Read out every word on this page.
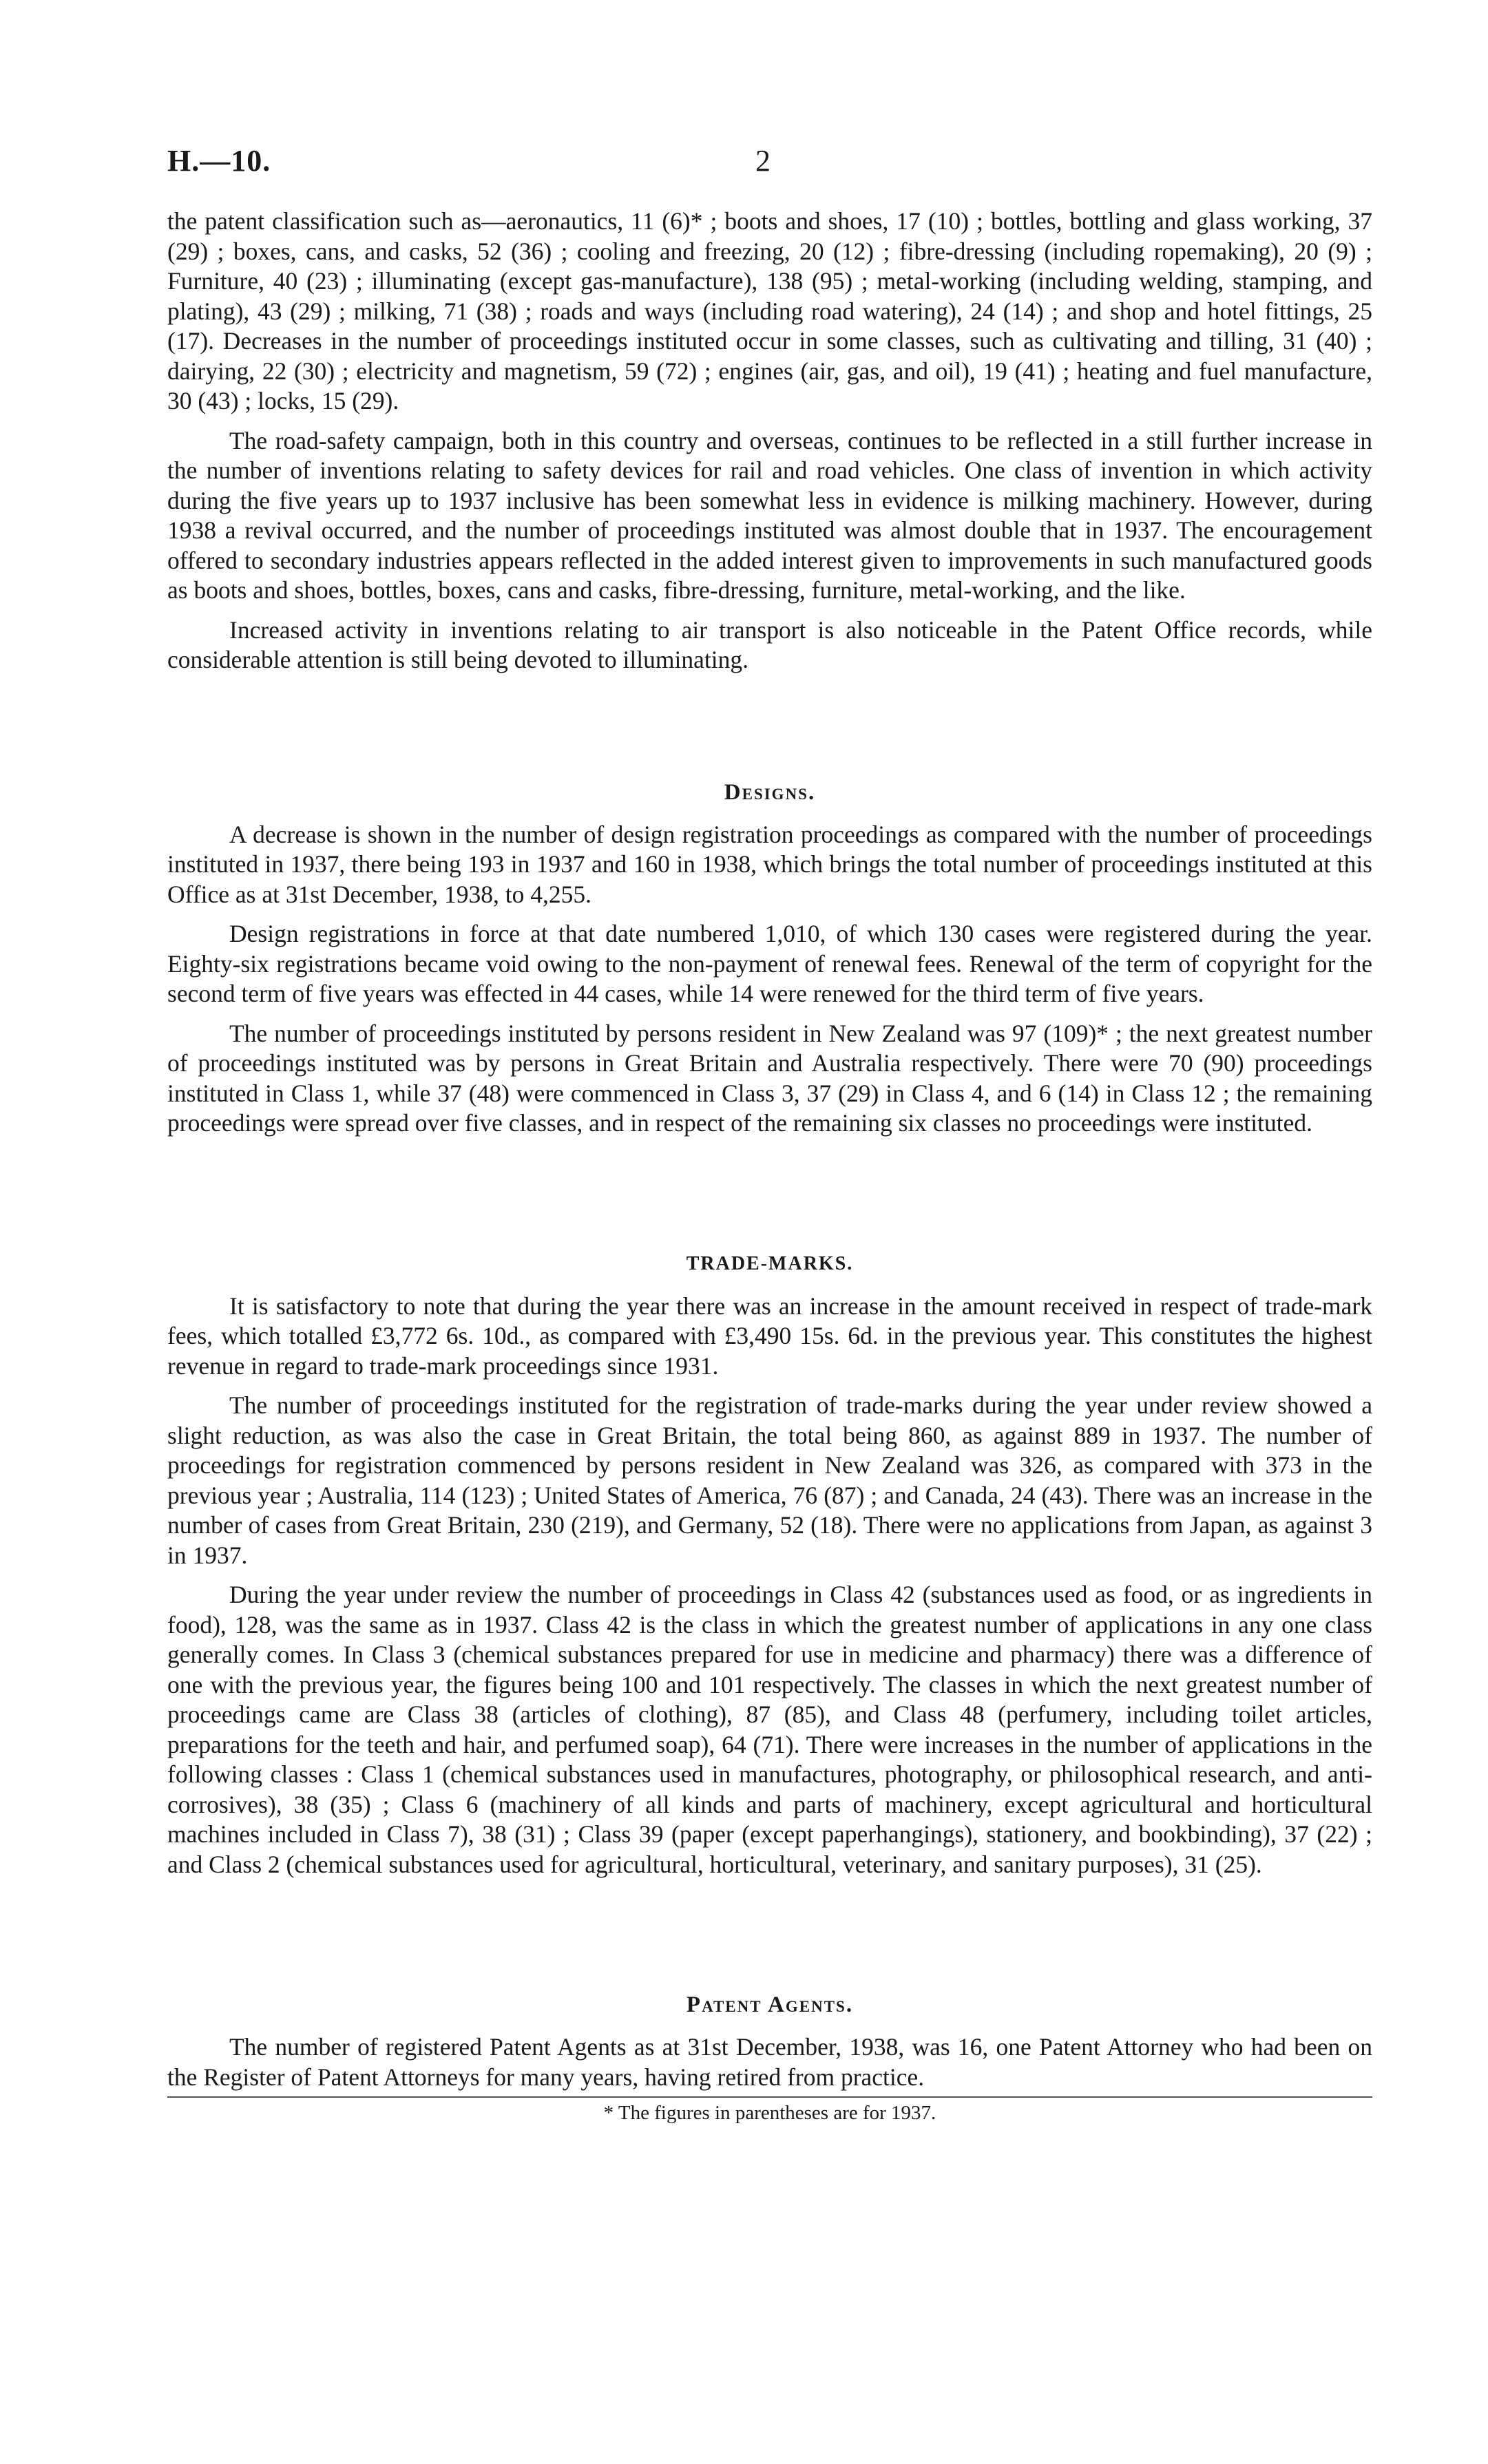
H.—10.	2

the patent classification such as—aeronautics, 11 (6)* ; boots and shoes, 17 (10) ; bottles, bottling and glass working, 37 (29) ; boxes, cans, and casks, 52 (36) ; cooling and freezing, 20 (12) ; fibre-dressing (including ropemaking), 20 (9) ; Furniture, 40 (23) ; illuminating (except gas-manufacture), 138 (95) ; metal-working (including welding, stamping, and plating), 43 (29) ; milking, 71 (38) ; roads and ways (including road watering), 24 (14) ; and shop and hotel fittings, 25 (17). Decreases in the number of proceedings instituted occur in some classes, such as cultivating and tilling, 31 (40) ; dairying, 22 (30) ; electricity and magnetism, 59 (72) ; engines (air, gas, and oil), 19 (41) ; heating and fuel manufacture, 30 (43) ; locks, 15 (29).

The road-safety campaign, both in this country and overseas, continues to be reflected in a still further increase in the number of inventions relating to safety devices for rail and road vehicles. One class of invention in which activity during the five years up to 1937 inclusive has been somewhat less in evidence is milking machinery. However, during 1938 a revival occurred, and the number of proceedings instituted was almost double that in 1937. The encouragement offered to secondary industries appears reflected in the added interest given to improvements in such manufactured goods as boots and shoes, bottles, boxes, cans and casks, fibre-dressing, furniture, metal-working, and the like.

Increased activity in inventions relating to air transport is also noticeable in the Patent Office records, while considerable attention is still being devoted to illuminating.

Designs.

A decrease is shown in the number of design registration proceedings as compared with the number of proceedings instituted in 1937, there being 193 in 1937 and 160 in 1938, which brings the total number of proceedings instituted at this Office as at 31st December, 1938, to 4,255.

Design registrations in force at that date numbered 1,010, of which 130 cases were registered during the year. Eighty-six registrations became void owing to the non-payment of renewal fees. Renewal of the term of copyright for the second term of five years was effected in 44 cases, while 14 were renewed for the third term of five years.

The number of proceedings instituted by persons resident in New Zealand was 97 (109)* ; the next greatest number of proceedings instituted was by persons in Great Britain and Australia respectively. There were 70 (90) proceedings instituted in Class 1, while 37 (48) were commenced in Class 3, 37 (29) in Class 4, and 6 (14) in Class 12 ; the remaining proceedings were spread over five classes, and in respect of the remaining six classes no proceedings were instituted.

TRADE-MARKS.

It is satisfactory to note that during the year there was an increase in the amount received in respect of trade-mark fees, which totalled £3,772 6s. 10d., as compared with £3,490 15s. 6d. in the previous year. This constitutes the highest revenue in regard to trade-mark proceedings since 1931.

The number of proceedings instituted for the registration of trade-marks during the year under review showed a slight reduction, as was also the case in Great Britain, the total being 860, as against 889 in 1937. The number of proceedings for registration commenced by persons resident in New Zealand was 326, as compared with 373 in the previous year ; Australia, 114 (123) ; United States of America, 76 (87) ; and Canada, 24 (43). There was an increase in the number of cases from Great Britain, 230 (219), and Germany, 52 (18). There were no applications from Japan, as against 3 in 1937.

During the year under review the number of proceedings in Class 42 (substances used as food, or as ingredients in food), 128, was the same as in 1937. Class 42 is the class in which the greatest number of applications in any one class generally comes. In Class 3 (chemical substances prepared for use in medicine and pharmacy) there was a difference of one with the previous year, the figures being 100 and 101 respectively. The classes in which the next greatest number of proceedings came are Class 38 (articles of clothing), 87 (85), and Class 48 (perfumery, including toilet articles, preparations for the teeth and hair, and perfumed soap), 64 (71). There were increases in the number of applications in the following classes : Class 1 (chemical substances used in manufactures, photography, or philosophical research, and anti-corrosives), 38 (35) ; Class 6 (machinery of all kinds and parts of machinery, except agricultural and horticultural machines included in Class 7), 38 (31) ; Class 39 (paper (except paperhangings), stationery, and bookbinding), 37 (22) ; and Class 2 (chemical substances used for agricultural, horticultural, veterinary, and sanitary purposes), 31 (25).

Patent Agents.

The number of registered Patent Agents as at 31st December, 1938, was 16, one Patent Attorney who had been on the Register of Patent Attorneys for many years, having retired from practice.

* The figures in parentheses are for 1937.
